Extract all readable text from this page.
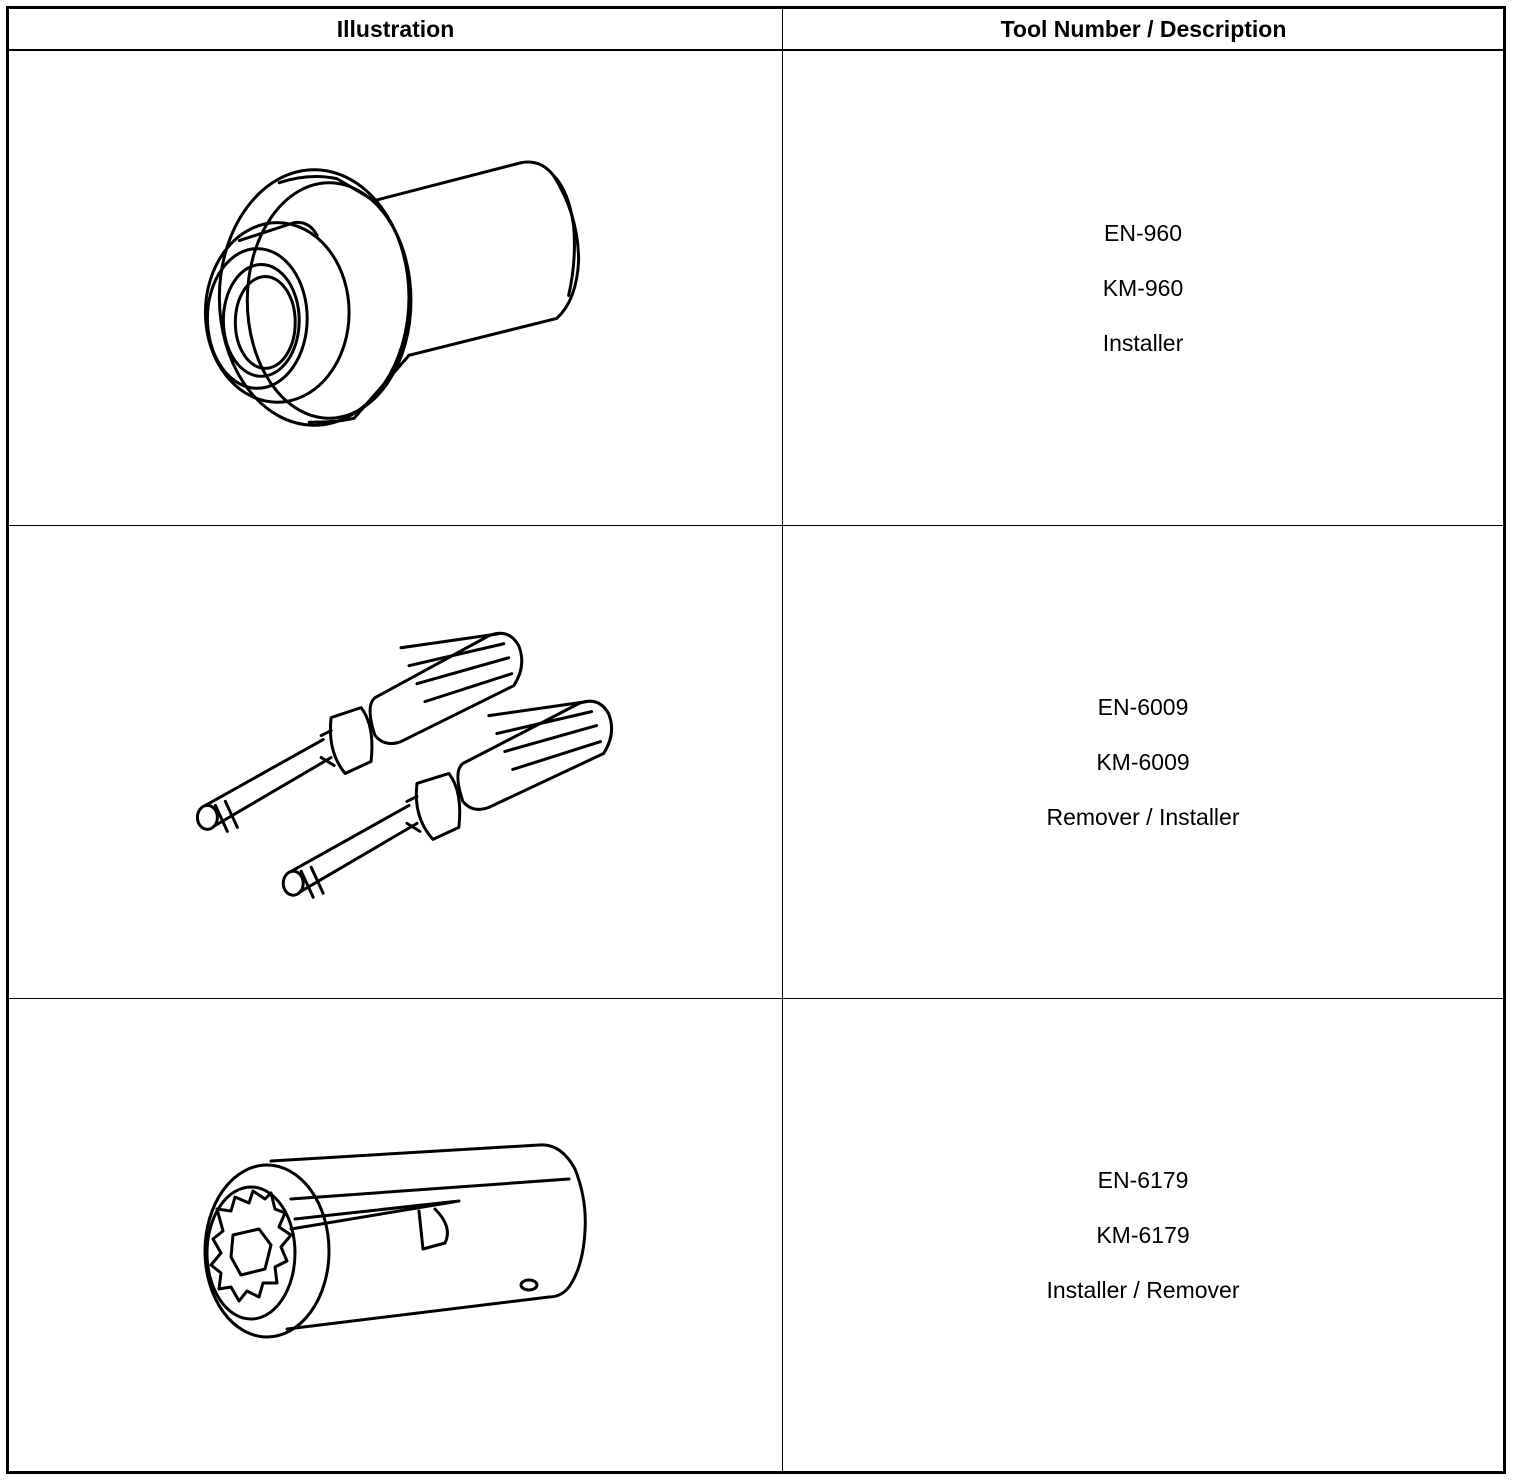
Illustration	Tool Number / Description
EN-960
KM-960
Installer
EN-6009
KM-6009
Remover / Installer
EN-6179
KM-6179
Installer / Remover
